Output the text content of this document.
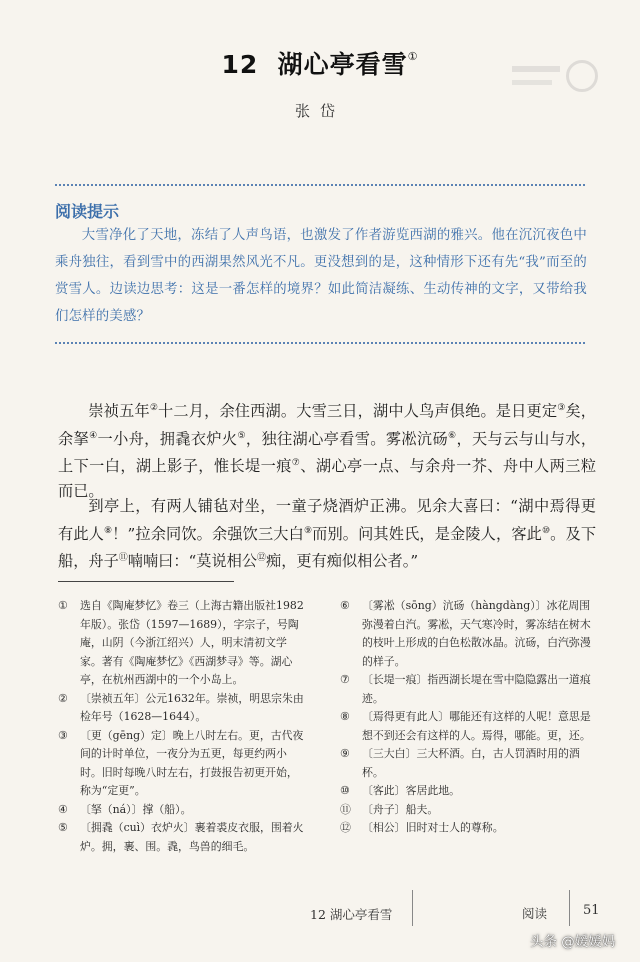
12 湖心亭看雪①
张岱
阅读提示
大雪净化了天地，冻结了人声鸟语，也激发了作者游览西湖的雅兴。他在沉沉夜色中乘舟独往，看到雪中的西湖果然风光不凡。更没想到的是，这种情形下还有先“我”而至的赏雪人。边读边思考：这是一番怎样的境界？如此简洁凝练、生动传神的文字，又带给我们怎样的美感？
崇祯五年②十二月，余住西湖。大雪三日，湖中人鸟声俱绝。是日更定③矣，余拏④一小舟，拥毳衣炉火⑤，独往湖心亭看雪。雾凇沆砀⑥，天与云与山与水，上下一白，湖上影子，惟长堤一痕⑦、湖心亭一点、与余舟一芥、舟中人两三粒而已。
到亭上，有两人铺毡对坐，一童子烧酒炉正沸。见余大喜曰：“湖中焉得更有此人⑧！”拉余同饮。余强饮三大白⑨而别。问其姓氏，是金陵人，客此⑩。及下船，舟子⑪喃喃曰：“莫说相公⑫痴，更有痴似相公者。”
①	选自《陶庵梦忆》卷三（上海古籍出版社1982年版）。张岱（1597—1689），字宗子，号陶庵，山阴（今浙江绍兴）人，明末清初文学家。著有《陶庵梦忆》《西湖梦寻》等。湖心亭，在杭州西湖中的一个小岛上。
②	〔崇祯五年〕公元1632年。崇祯，明思宗朱由检年号（1628—1644）。
③	〔更（gēng）定〕晚上八时左右。更，古代夜间的计时单位，一夜分为五更，每更约两小时。旧时每晚八时左右，打鼓报告初更开始，称为“定更”。
④	〔拏（ná）〕撑（船）。
⑤	〔拥毳（cuì）衣炉火〕裹着裘皮衣服，围着火炉。拥，裹、围。毳，鸟兽的细毛。
⑥	〔雾凇（sōng）沆砀（hàngdàng）〕冰花周围弥漫着白汽。雾凇，天气寒冷时，雾冻结在树木的枝叶上形成的白色松散冰晶。沆砀，白汽弥漫的样子。
⑦	〔长堤一痕〕指西湖长堤在雪中隐隐露出一道痕迹。
⑧	〔焉得更有此人〕哪能还有这样的人呢！意思是想不到还会有这样的人。焉得，哪能。更，还。
⑨	〔三大白〕三大杯酒。白，古人罚酒时用的酒杯。
⑩	〔客此〕客居此地。
⑪	〔舟子〕船夫。
⑫	〔相公〕旧时对士人的尊称。
12 湖心亭看雪	阅读	51
头条 @媛媛妈
